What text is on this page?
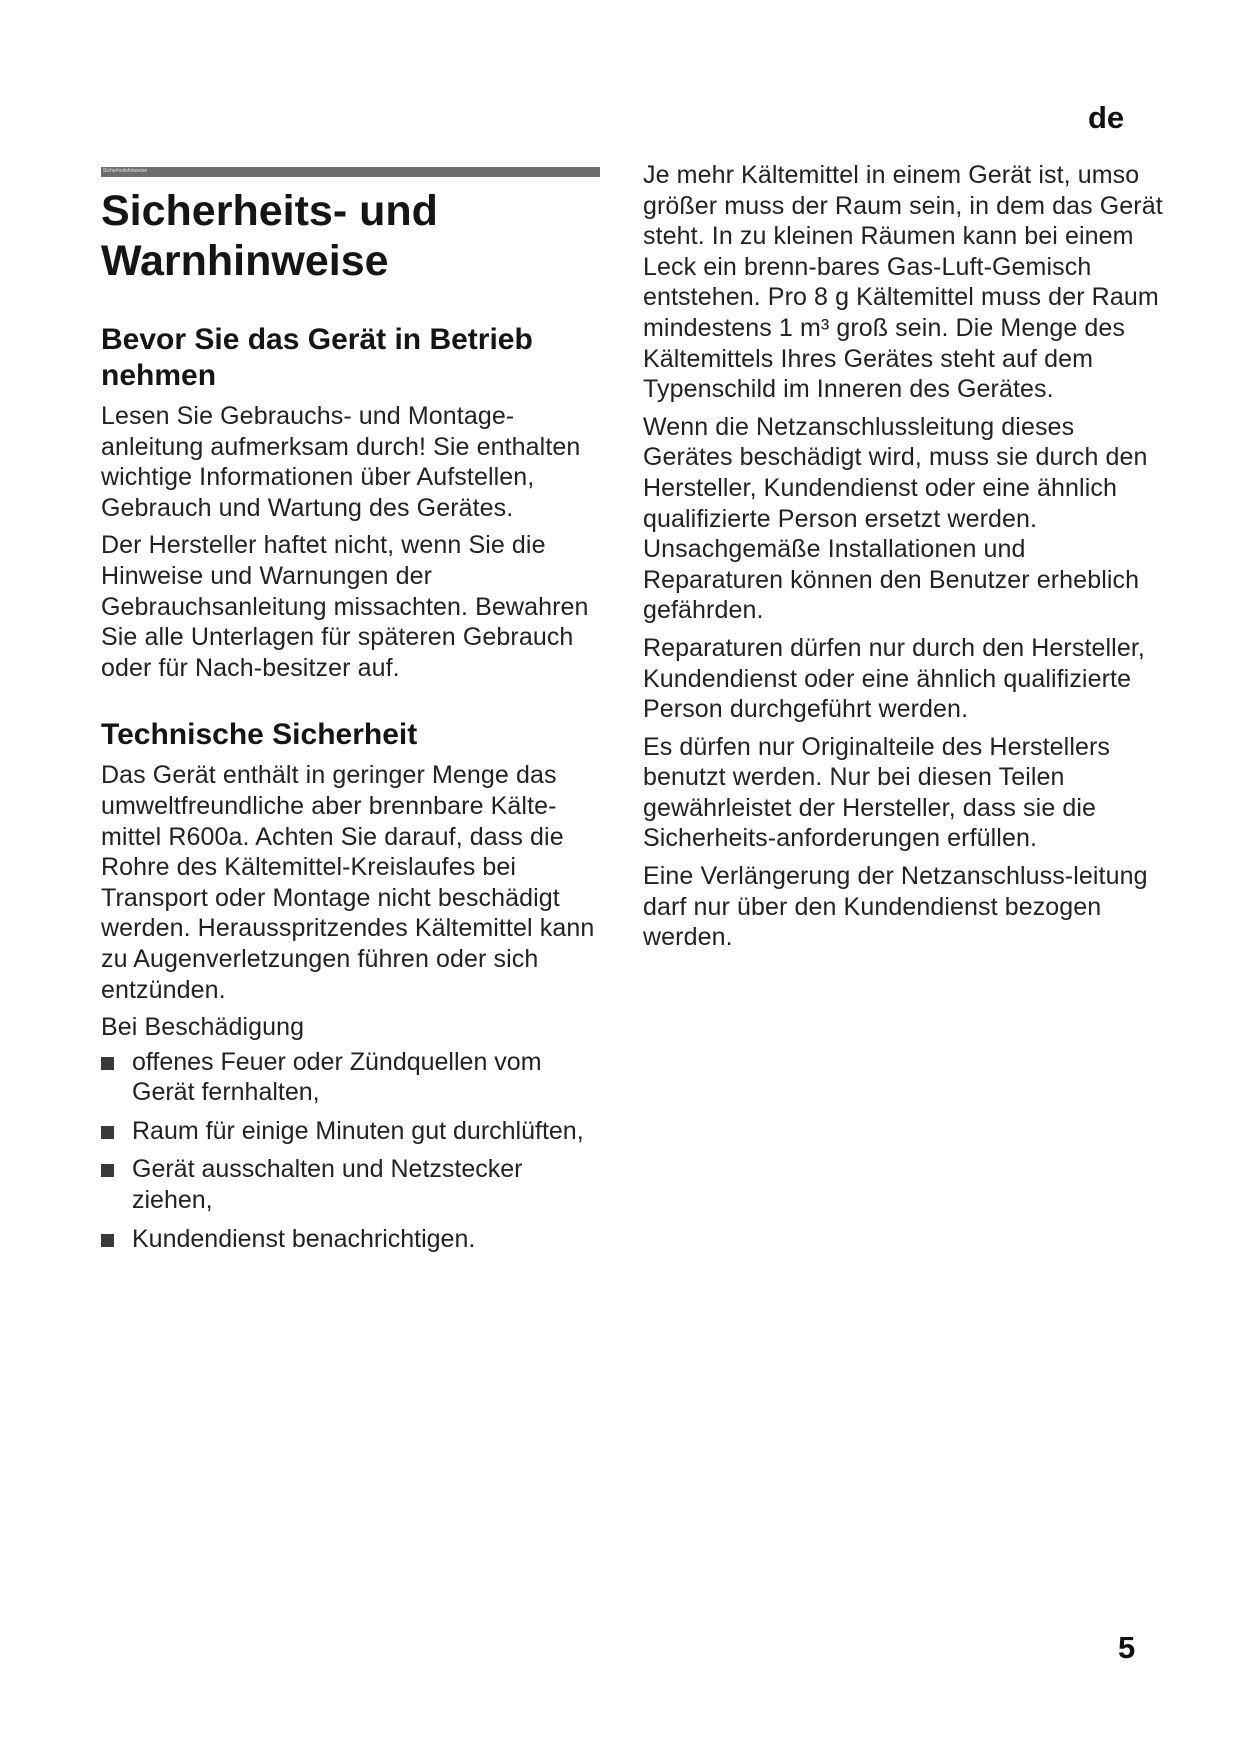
de
Sicherheitshinweise
Sicherheits- und
Warnhinweise
Bevor Sie das Gerät in Betrieb nehmen

Lesen Sie Gebrauchs- und Montage-anleitung aufmerksam durch! Sie enthalten wichtige Informationen über Aufstellen, Gebrauch und Wartung des Gerätes.

Der Hersteller haftet nicht, wenn Sie die Hinweise und Warnungen der Gebrauchsanleitung missachten. Bewahren Sie alle Unterlagen für späteren Gebrauch oder für Nach-besitzer auf.

Technische Sicherheit

Das Gerät enthält in geringer Menge das umweltfreundliche aber brennbare Kälte-mittel R600a. Achten Sie darauf, dass die Rohre des Kältemittel-Kreislaufes bei Transport oder Montage nicht beschädigt werden. Herausspritzendes Kältemittel kann zu Augenverletzungen führen oder sich entzünden.

Bei Beschädigung

offenes Feuer oder Zündquellen vom Gerät fernhalten,
Raum für einige Minuten gut durchlüften,
Gerät ausschalten und Netzstecker ziehen,
Kundendienst benachrichtigen.

Je mehr Kältemittel in einem Gerät ist, umso größer muss der Raum sein, in dem das Gerät steht. In zu kleinen Räumen kann bei einem Leck ein brenn-bares Gas-Luft-Gemisch entstehen. Pro 8 g Kältemittel muss der Raum mindestens 1 m³ groß sein. Die Menge des Kältemittels Ihres Gerätes steht auf dem Typenschild im Inneren des Gerätes.

Wenn die Netzanschlussleitung dieses Gerätes beschädigt wird, muss sie durch den Hersteller, Kundendienst oder eine ähnlich qualifizierte Person ersetzt werden. Unsachgemäße Installationen und Reparaturen können den Benutzer erheblich gefährden.

Reparaturen dürfen nur durch den Hersteller, Kundendienst oder eine ähnlich qualifizierte Person durchgeführt werden.

Es dürfen nur Originalteile des Herstellers benutzt werden. Nur bei diesen Teilen gewährleistet der Hersteller, dass sie die Sicherheits-anforderungen erfüllen.

Eine Verlängerung der Netzanschluss-leitung darf nur über den Kundendienst bezogen werden.

5
